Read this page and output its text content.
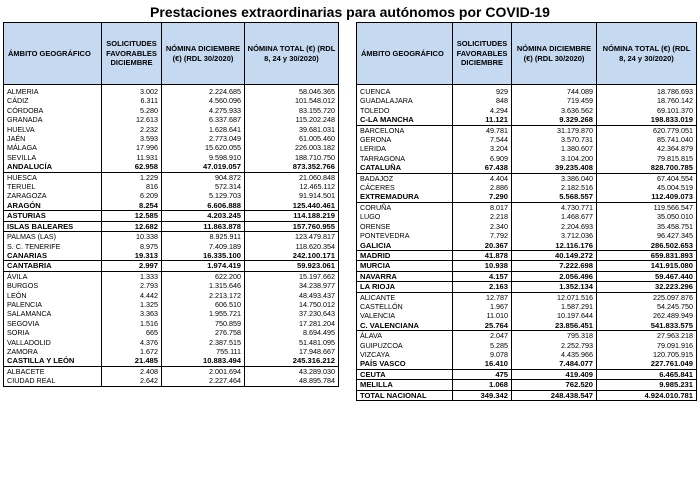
Prestaciones extraordinarias para autónomos por COVID-19
ÁMBITO GEOGRÁFICO	SOLICITUDES FAVORABLES DICIEMBRE	NÓMINA DICIEMBRE (€) (RDL 30/2020)	NÓMINA TOTAL (€) (RDL 8, 24 y 30/2020)
ALMERIA	3.002	2.224.685	58.046.365
CÁDIZ	6.311	4.560.096	101.548.012
CÓRDOBA	5.280	4.275.933	83.155.720
GRANADA	12.613	6.337.687	115.202.248
HUELVA	2.232	1.628.641	39.681.031
JAÉN	3.593	2.773.049	61.005.460
MÁLAGA	17.996	15.620.055	226.003.182
SEVILLA	11.931	9.598.910	188.710.750
ANDALUCÍA	62.958	47.019.057	873.352.766
HUESCA	1.229	904.872	21.060.848
TERUEL	816	572.314	12.465.112
ZARAGOZA	6.209	5.129.703	91.914.501
ARAGÓN	8.254	6.606.888	125.440.461
ASTURIAS	12.585	4.203.245	114.188.219
ISLAS BALEARES	12.682	11.863.878	157.760.955
PALMAS (LAS)	10.338	8.925.911	123.479.817
S. C. TENERIFE	8.975	7.409.189	118.620.354
CANARIAS	19.313	16.335.100	242.100.171
CANTABRIA	2.997	1.974.419	59.923.061
ÁVILA	1.333	622.200	15.197.662
BURGOS	2.793	1.315.646	34.238.977
LEÓN	4.442	2.213.172	48.493.437
PALENCIA	1.325	606.510	14.750.012
SALAMANCA	3.363	1.955.721	37.230.643
SEGOVIA	1.516	750.859	17.281.204
SORIA	665	276.758	8.694.495
VALLADOLID	4.376	2.387.515	51.481.095
ZAMORA	1.672	755.111	17.948.667
CASTILLA Y LEÓN	21.485	10.883.494	245.316.212
ALBACETE	2.408	2.001.694	43.289.030
CIUDAD REAL	2.642	2.227.464	48.895.784
ÁMBITO GEOGRÁFICO	SOLICITUDES FAVORABLES DICIEMBRE	NÓMINA DICIEMBRE (€) (RDL 30/2020)	NÓMINA TOTAL (€) (RDL 8, 24 y 30/2020)
CUENCA	929	744.089	18.786.693
GUADALAJARA	848	719.459	18.760.142
TOLEDO	4.294	3.636.562	69.101.370
C-LA MANCHA	11.121	9.329.268	198.833.019
BARCELONA	49.781	31.179.870	620.779.051
GERONA	7.544	3.570.731	85.741.040
LERIDA	3.204	1.380.607	42.364.879
TARRAGONA	6.909	3.104.200	79.815.815
CATALUÑA	67.438	39.235.408	828.700.785
BADAJOZ	4.404	3.386.040	67.404.554
CÁCERES	2.886	2.182.516	45.004.519
EXTREMADURA	7.290	5.568.557	112.409.073
CORUÑA	8.017	4.730.771	119.566.547
LUGO	2.218	1.468.677	35.050.010
ORENSE	2.340	2.204.693	35.458.751
PONTEVEDRA	7.792	3.712.036	96.427.345
GALICIA	20.367	12.116.176	286.502.653
MADRID	41.878	40.149.272	659.831.893
MURCIA	10.938	7.222.698	141.915.080
NAVARRA	4.157	2.056.496	59.467.440
LA RIOJA	2.163	1.352.134	32.223.296
ALICANTE	12.787	12.071.516	225.097.876
CASTELLÓN	1.967	1.587.291	54.245.750
VALENCIA	11.010	10.197.644	262.489.949
C. VALENCIANA	25.764	23.856.451	541.833.575
ÁLAVA	2.047	795.318	27.963.218
GUIPUZCOA	5.285	2.252.793	79.091.916
VIZCAYA	9.078	4.435.966	120.705.915
PAÍS VASCO	16.410	7.484.077	227.761.049
CEUTA	475	419.409	6.465.841
MELILLA	1.068	762.520	9.985.231
TOTAL NACIONAL	349.342	248.438.547	4.924.010.781
